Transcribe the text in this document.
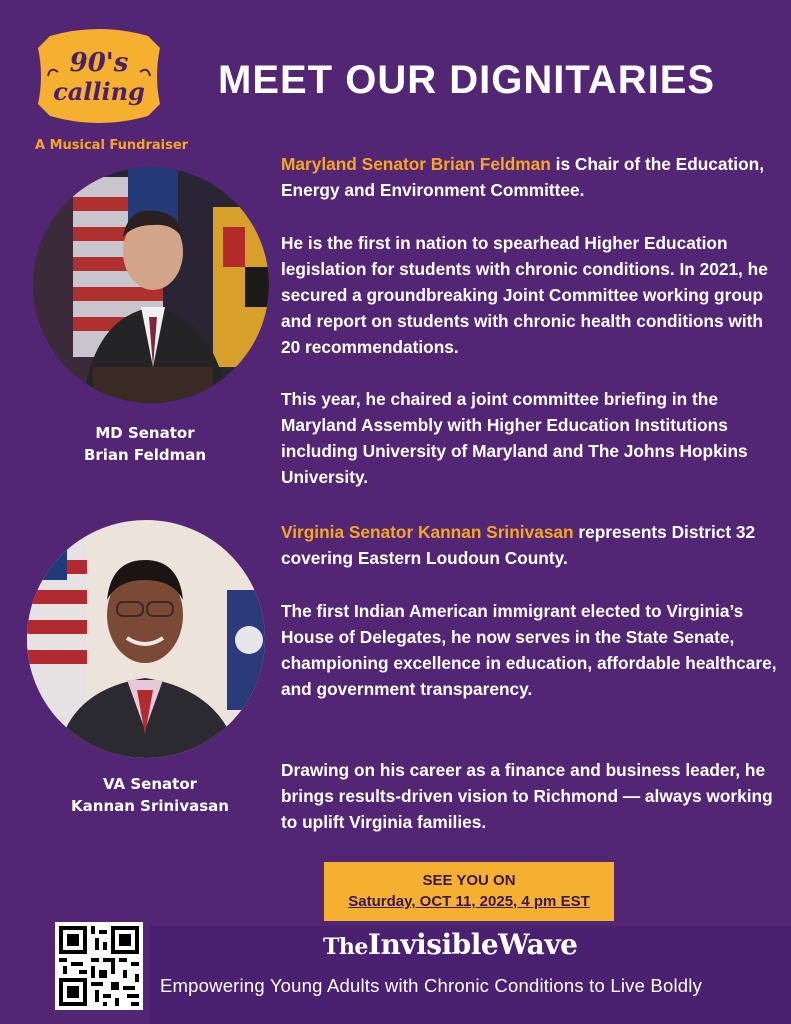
90's
calling
A Musical Fundraiser
MEET OUR DIGNITARIES
MD Senator
Brian Feldman
Maryland Senator Brian Feldman is Chair of the Education, Energy and Environment Committee.
He is the first in nation to spearhead Higher Education legislation for students with chronic conditions. In 2021, he secured a groundbreaking Joint Committee working group and report on students with chronic health conditions with 20 recommendations.
This year, he chaired a joint committee briefing in the Maryland Assembly with Higher Education Institutions including University of Maryland and The Johns Hopkins University.
VA Senator
Kannan Srinivasan
Virginia Senator Kannan Srinivasan represents District 32 covering Eastern Loudoun County.
The first Indian American immigrant elected to Virginia’s House of Delegates, he now serves in the State Senate, championing excellence in education, affordable healthcare, and government transparency.
Drawing on his career as a finance and business leader, he brings results-driven vision to Richmond — always working to uplift Virginia families.
SEE YOU ON
Saturday, OCT 11, 2025, 4 pm EST
TheInvisibleWave
Empowering Young Adults with Chronic Conditions to Live Boldly
